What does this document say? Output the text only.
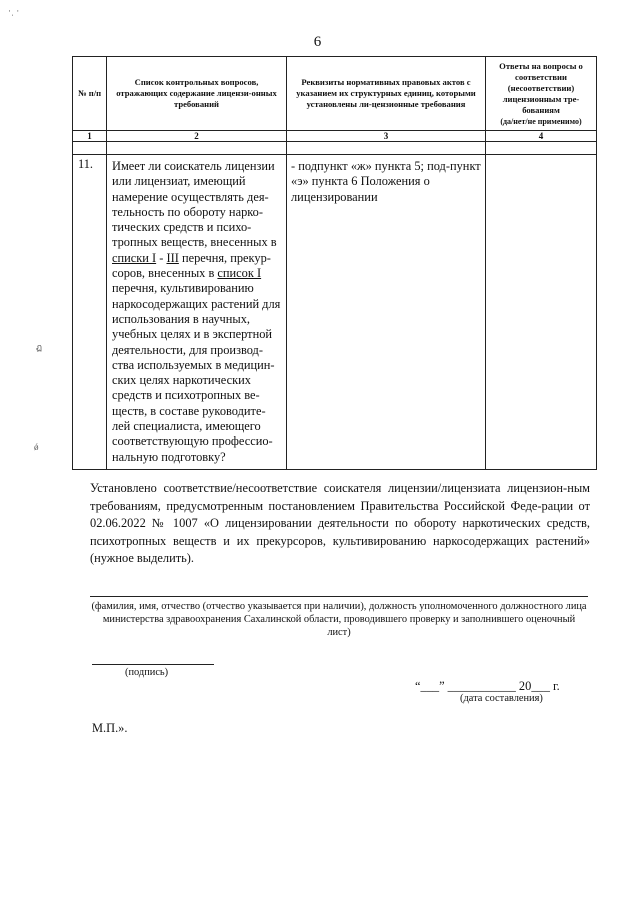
·ˌ ·
ฏ
ǿ
6
№ п/п	Список контрольных вопросов, отражающих содержание лицензи-онных требований	Реквизиты нормативных правовых актов с указанием их структурных единиц, которыми установлены ли-цензионные требования	Ответы на вопросы о соответствии (несоответствии) лицензионным тре-бованиям
(да/нет/не применимо)
1	2	3	4

11.	Имеет ли соискатель лицензии или лицензиат, имеющий намерение осуществлять дея-тельность по обороту нарко-тических средств и психо-тропных веществ, внесенных в списки I - III перечня, прекур-соров, внесенных в список I перечня, культивированию наркосодержащих растений для использования в научных, учебных целях и в экспертной деятельности, для производ-ства используемых в медицин-ских целях наркотических средств и психотропных ве-ществ, в составе руководите-лей специалиста, имеющего соответствующую профессио-нальную подготовку?	- подпункт «ж» пункта 5; под-пункт «э» пункта 6 Положения о лицензировании	

Установлено соответствие/несоответствие соискателя лицензии/лицензиата лицензион-ным требованиям, предусмотренным постановлением Правительства Российской Феде-рации от 02.06.2022 № 1007 «О лицензировании деятельности по обороту наркотических средств, психотропных веществ и их прекурсоров, культивированию наркосодержащих растений» (нужное выделить).

(фамилия, имя, отчество (отчество указывается при наличии), должность уполномоченного должностного лица министерства здравоохранения Сахалинской области, проводившего проверку и заполнившего оценочный лист)
(подпись)
“___” ___________ 20___ г.
(дата составления)
М.П.».
